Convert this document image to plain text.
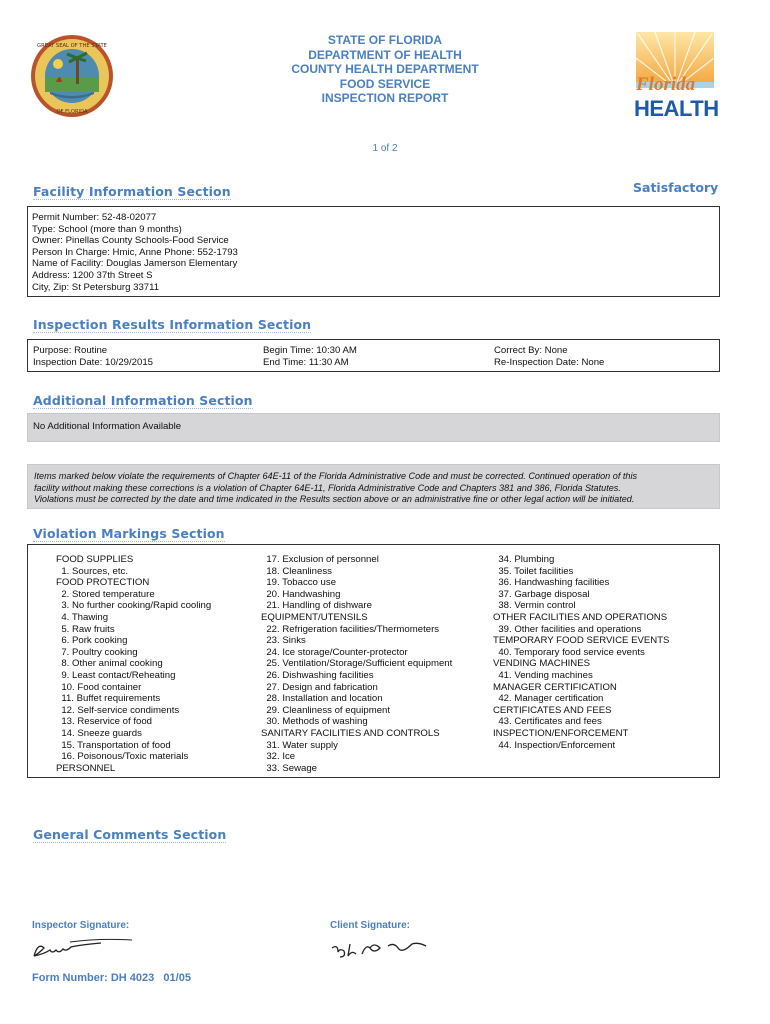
GREAT SEAL OF THE STATE
OF FLORIDA
STATE OF FLORIDA
DEPARTMENT OF HEALTH
COUNTY HEALTH DEPARTMENT
FOOD SERVICE
INSPECTION REPORT
Florida
HEALTH
1 of 2
Facility Information Section	Satisfactory
Permit Number: 52-48-02077
Type: School (more than 9 months)
Owner: Pinellas County Schools-Food Service
Person In Charge: Hmic, Anne Phone: 552-1793
Name of Facility: Douglas Jamerson Elementary
Address: 1200 37th Street S
City, Zip: St Petersburg 33711
Inspection Results Information Section
Purpose: Routine
Inspection Date: 10/29/2015
Begin Time: 10:30 AM
End Time: 11:30 AM
Correct By: None
Re-Inspection Date: None
Additional Information Section
No Additional Information Available
Items marked below violate the requirements of Chapter 64E-11 of the Florida Administrative Code and must be corrected. Continued operation of this
facility without making these corrections is a violation of Chapter 64E-11, Florida Administrative Code and Chapters 381 and 386, Florida Statutes.
Violations must be corrected by the date and time indicated in the Results section above or an administrative fine or other legal action will be initiated.
Violation Markings Section
FOOD SUPPLIES
1. Sources, etc.
FOOD PROTECTION
2. Stored temperature
3. No further cooking/Rapid cooling
4. Thawing
5. Raw fruits
6. Pork cooking
7. Poultry cooking
8. Other animal cooking
9. Least contact/Reheating
10. Food container
11. Buffet requirements
12. Self-service condiments
13. Reservice of food
14. Sneeze guards
15. Transportation of food
16. Poisonous/Toxic materials
PERSONNEL
17. Exclusion of personnel
18. Cleanliness
19. Tobacco use
20. Handwashing
21. Handling of dishware
EQUIPMENT/UTENSILS
22. Refrigeration facilities/Thermometers
23. Sinks
24. Ice storage/Counter-protector
25. Ventilation/Storage/Sufficient equipment
26. Dishwashing facilities
27. Design and fabrication
28. Installation and location
29. Cleanliness of equipment
30. Methods of washing
SANITARY FACILITIES AND CONTROLS
31. Water supply
32. Ice
33. Sewage
34. Plumbing
35. Toilet facilities
36. Handwashing facilities
37. Garbage disposal
38. Vermin control
OTHER FACILITIES AND OPERATIONS
39. Other facilities and operations
TEMPORARY FOOD SERVICE EVENTS
40. Temporary food service events
VENDING MACHINES
41. Vending machines
MANAGER CERTIFICATION
42. Manager certification
CERTIFICATES AND FEES
43. Certificates and fees
INSPECTION/ENFORCEMENT
44. Inspection/Enforcement
General Comments Section
Inspector Signature:	Client Signature:
Form Number: DH 4023   01/05
